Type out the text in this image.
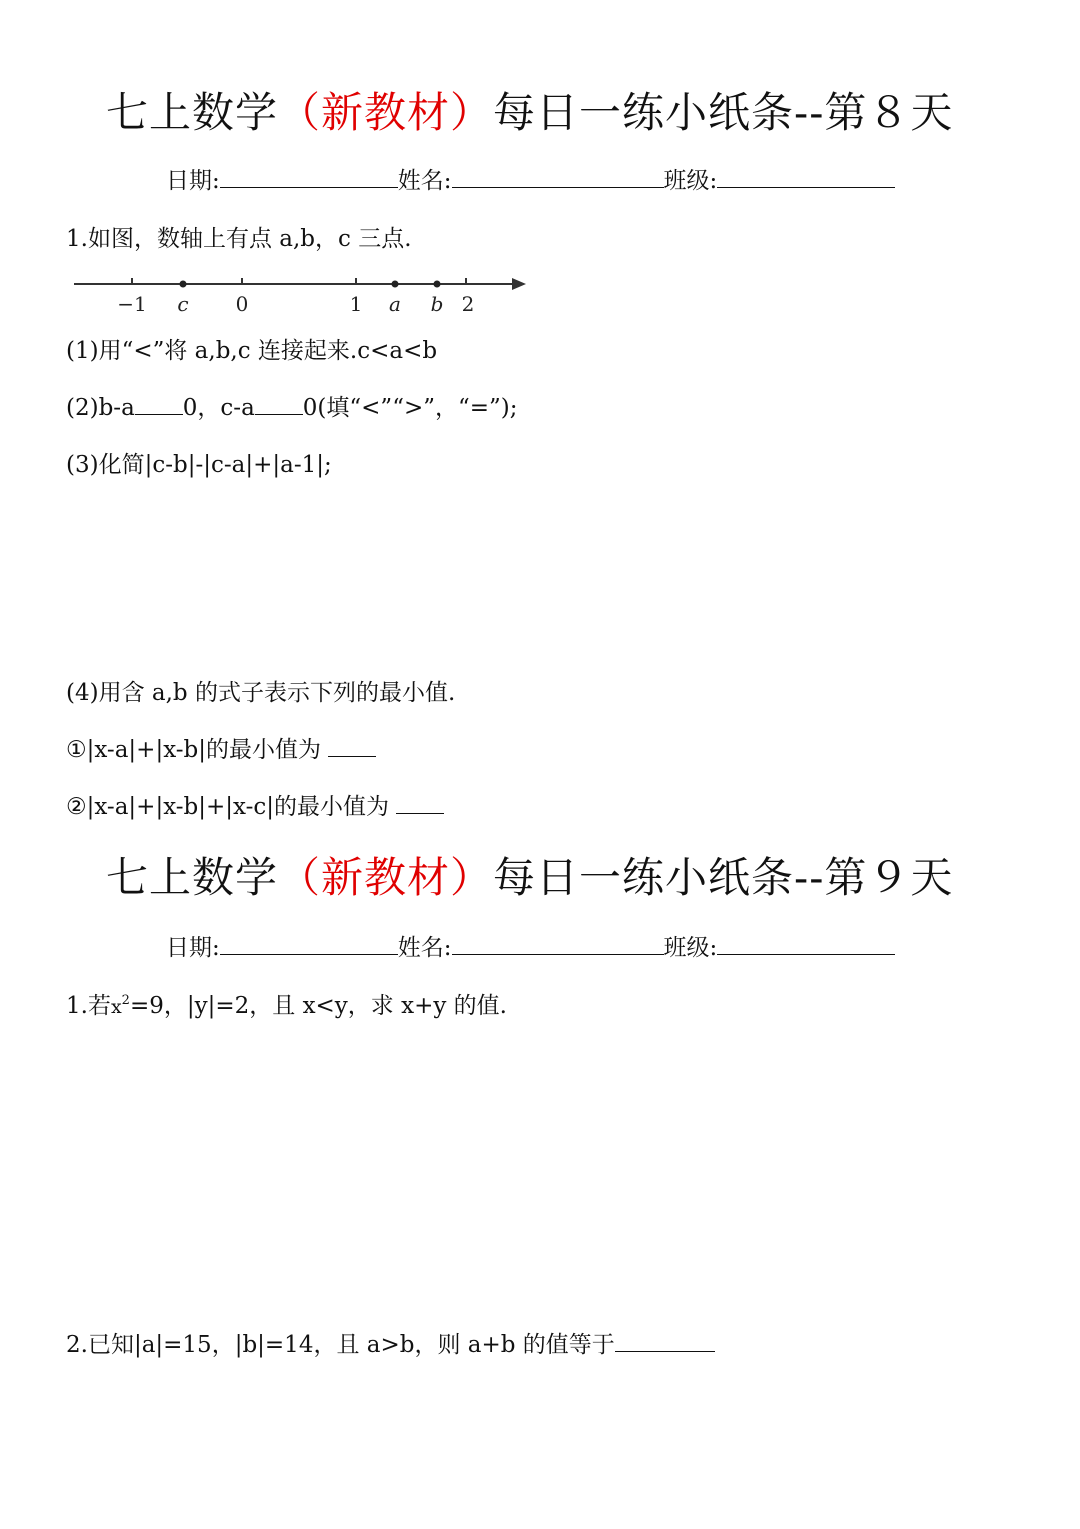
七上数学（新教材）每日一练小纸条--第８天
日期:	姓名:	班级:
1.如图，数轴上有点 a,b，c 三点.
−1	0	1	2
c	a b
(1)用“<”将 a,b,c 连接起来.c<a<b
(2)b-a 0，c-a 0(填“<”“>”，“=”);
(3)化简|c-b|-|c-a|+|a-1|;
(4)用含 a,b 的式子表示下列的最小值.
①|x-a|+|x-b|的最小值为
②|x-a|+|x-b|+|x-c|的最小值为
七上数学（新教材）每日一练小纸条--第９天
日期:	姓名:	班级:
1.若$x^2=9$，|y|=2，且 x<y，求 x+y 的值.
2.已知|a|=15，|b|=14，且 a>b，则 a+b 的值等于
